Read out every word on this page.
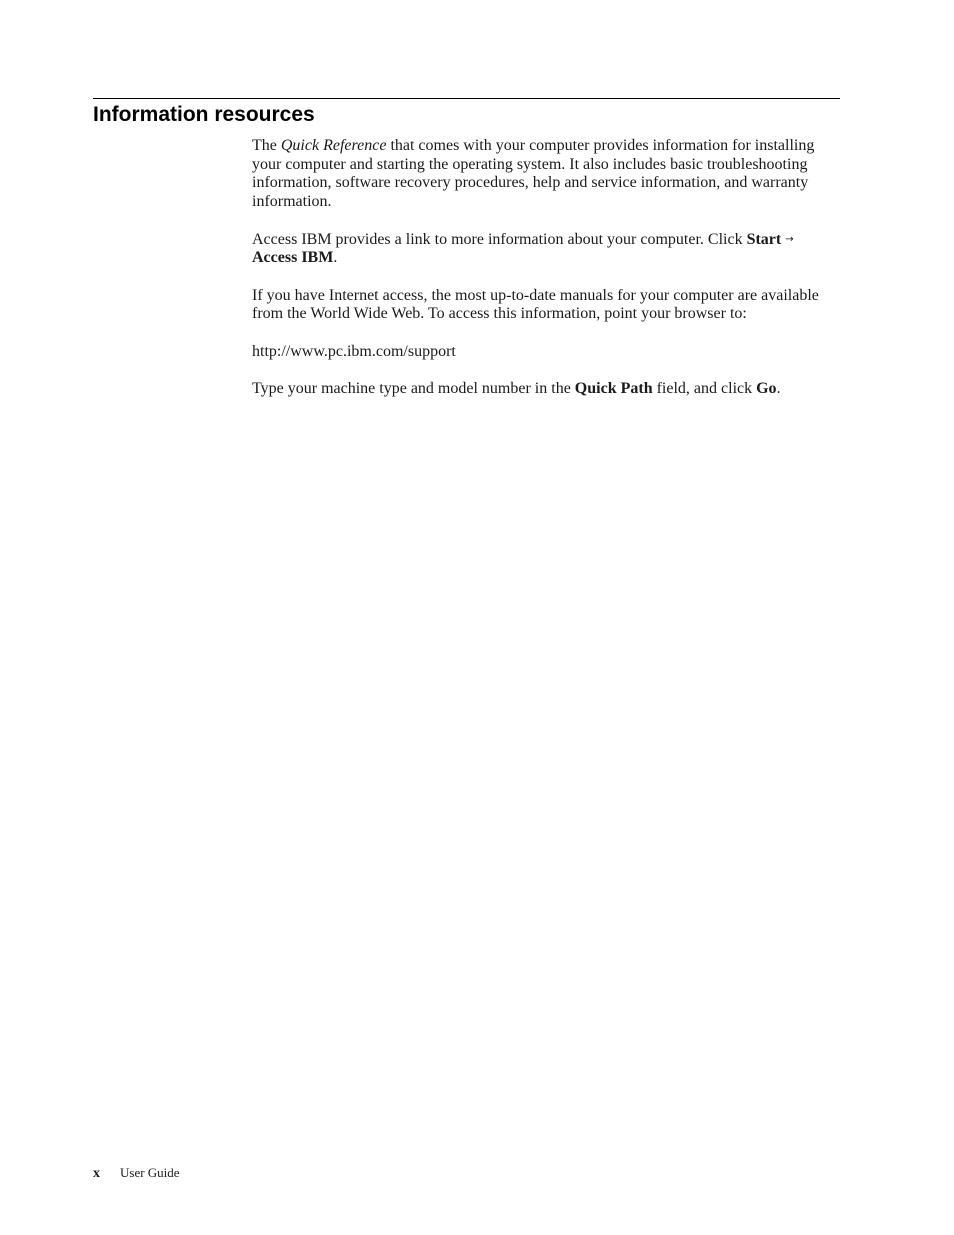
Information resources

The Quick Reference that comes with your computer provides information for installing your computer and starting the operating system. It also includes basic troubleshooting information, software recovery procedures, help and service information, and warranty information.

Access IBM provides a link to more information about your computer. Click Start → Access IBM.

If you have Internet access, the most up-to-date manuals for your computer are available from the World Wide Web. To access this information, point your browser to:

http://www.pc.ibm.com/support

Type your machine type and model number in the Quick Path field, and click Go.

x User Guide
